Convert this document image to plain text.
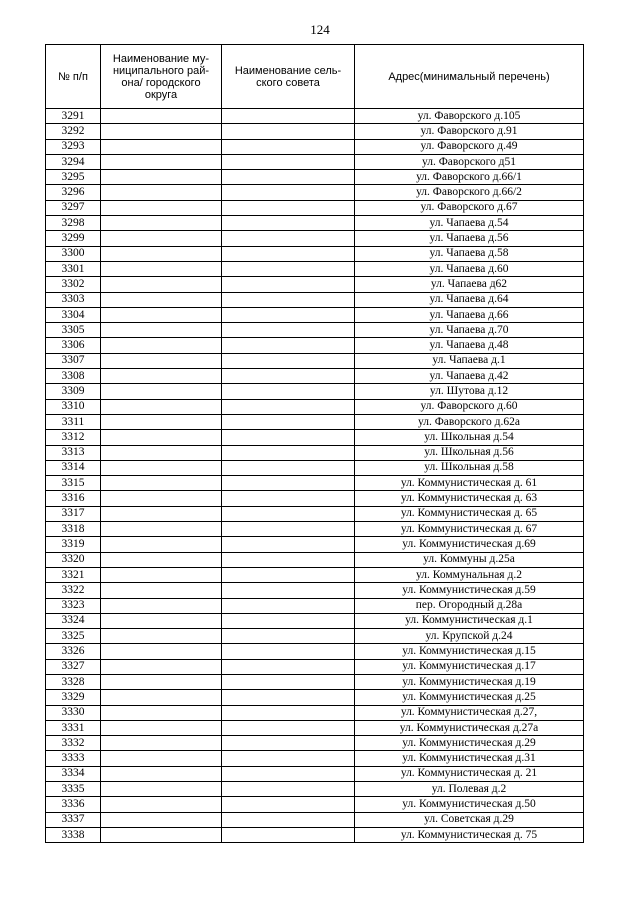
124
№ п/п	Наименование му-
ниципального рай-
она/ городского
округа	Наименование сель-
ского совета	Адрес(минимальный перечень)
3291			ул. Фаворского д.105
3292			ул. Фаворского д.91
3293			ул. Фаворского д.49
3294			ул. Фаворского д51
3295			ул. Фаворского д.66/1
3296			ул. Фаворского д.66/2
3297			ул. Фаворского д.67
3298			ул. Чапаева д.54
3299			ул. Чапаева д.56
3300			ул. Чапаева д.58
3301			ул. Чапаева д.60
3302			ул. Чапаева д62
3303			ул. Чапаева д.64
3304			ул. Чапаева д.66
3305			ул. Чапаева д.70
3306			ул. Чапаева д.48
3307			ул. Чапаева д.1
3308			ул. Чапаева д.42
3309			ул. Шутова д.12
3310			ул. Фаворского д.60
3311			ул. Фаворского д.62а
3312			ул. Школьная д.54
3313			ул. Школьная д.56
3314			ул. Школьная д.58
3315			ул. Коммунистическая д. 61
3316			ул. Коммунистическая д. 63
3317			ул. Коммунистическая д. 65
3318			ул. Коммунистическая д. 67
3319			ул. Коммунистическая д.69
3320			ул. Коммуны д.25а
3321			ул. Коммунальная д.2
3322			ул. Коммунистическая д.59
3323			пер. Огородный д.28а
3324			ул. Коммунистическая д.1
3325			ул. Крупской д.24
3326			ул. Коммунистическая д.15
3327			ул. Коммунистическая д.17
3328			ул. Коммунистическая д.19
3329			ул. Коммунистическая д.25
3330			ул. Коммунистическая д.27,
3331			ул. Коммунистическая д.27а
3332			ул. Коммунистическая д.29
3333			ул. Коммунистическая д.31
3334			ул. Коммунистическая д. 21
3335			ул. Полевая д.2
3336			ул. Коммунистическая д.50
3337			ул. Советская д.29
3338			ул. Коммунистическая д. 75
